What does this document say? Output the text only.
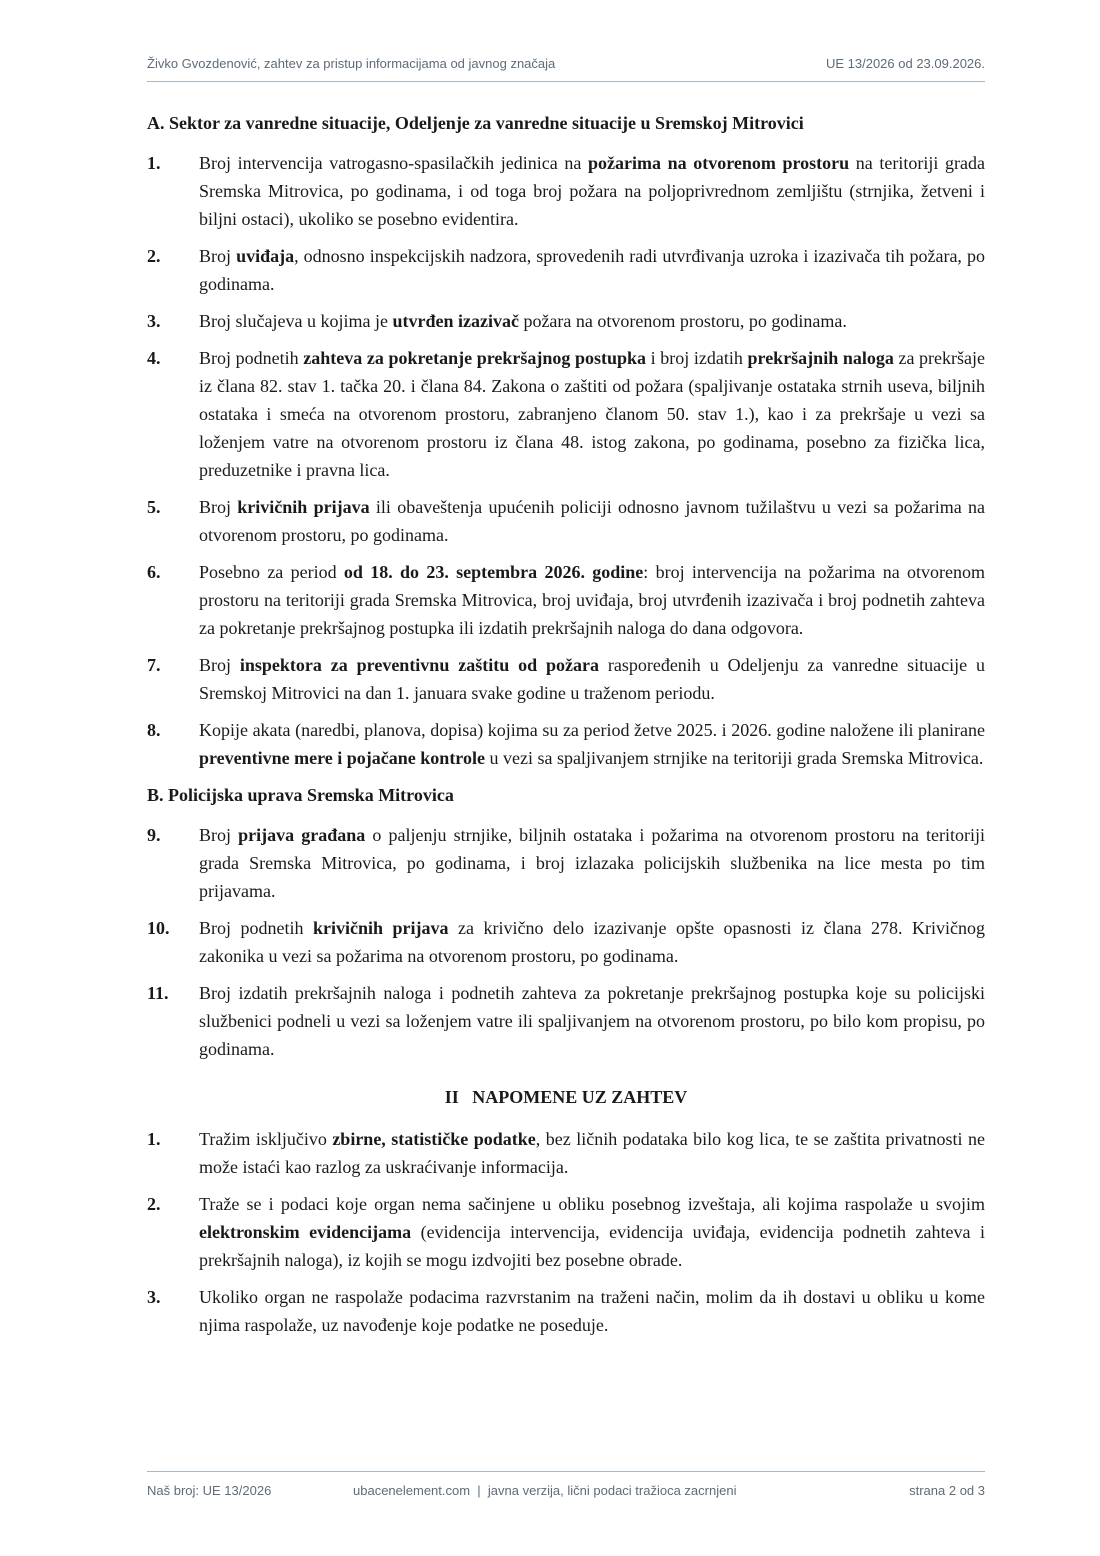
Živko Gvozdenović, zahtev za pristup informacijama od javnog značaja	UE 13/2026 od 23.09.2026.
A. Sektor za vanredne situacije, Odeljenje za vanredne situacije u Sremskoj Mitrovici
1.	Broj intervencija vatrogasno-spasilačkih jedinica na požarima na otvorenom prostoru na teritoriji grada Sremska Mitrovica, po godinama, i od toga broj požara na poljoprivrednom zemljištu (strnjika, žetveni i biljni ostaci), ukoliko se posebno evidentira.
2.	Broj uviđaja, odnosno inspekcijskih nadzora, sprovedenih radi utvrđivanja uzroka i izazivača tih požara, po godinama.
3.	Broj slučajeva u kojima je utvrđen izazivač požara na otvorenom prostoru, po godinama.
4.	Broj podnetih zahteva za pokretanje prekršajnog postupka i broj izdatih prekršajnih naloga za prekršaje iz člana 82. stav 1. tačka 20. i člana 84. Zakona o zaštiti od požara (spaljivanje ostataka strnih useva, biljnih ostataka i smeća na otvorenom prostoru, zabranjeno članom 50. stav 1.), kao i za prekršaje u vezi sa loženjem vatre na otvorenom prostoru iz člana 48. istog zakona, po godinama, posebno za fizička lica, preduzetnike i pravna lica.
5.	Broj krivičnih prijava ili obaveštenja upućenih policiji odnosno javnom tužilaštvu u vezi sa požarima na otvorenom prostoru, po godinama.
6.	Posebno za period od 18. do 23. septembra 2026. godine: broj intervencija na požarima na otvorenom prostoru na teritoriji grada Sremska Mitrovica, broj uviđaja, broj utvrđenih izazivača i broj podnetih zahteva za pokretanje prekršajnog postupka ili izdatih prekršajnih naloga do dana odgovora.
7.	Broj inspektora za preventivnu zaštitu od požara raspoređenih u Odeljenju za vanredne situacije u Sremskoj Mitrovici na dan 1. januara svake godine u traženom periodu.
8.	Kopije akata (naredbi, planova, dopisa) kojima su za period žetve 2025. i 2026. godine naložene ili planirane preventivne mere i pojačane kontrole u vezi sa spaljivanjem strnjike na teritoriji grada Sremska Mitrovica.
B. Policijska uprava Sremska Mitrovica
9.	Broj prijava građana o paljenju strnjike, biljnih ostataka i požarima na otvorenom prostoru na teritoriji grada Sremska Mitrovica, po godinama, i broj izlazaka policijskih službenika na lice mesta po tim prijavama.
10.	Broj podnetih krivičnih prijava za krivično delo izazivanje opšte opasnosti iz člana 278. Krivičnog zakonika u vezi sa požarima na otvorenom prostoru, po godinama.
11.	Broj izdatih prekršajnih naloga i podnetih zahteva za pokretanje prekršajnog postupka koje su policijski službenici podneli u vezi sa loženjem vatre ili spaljivanjem na otvorenom prostoru, po bilo kom propisu, po godinama.
II   NAPOMENE UZ ZAHTEV
1.	Tražim isključivo zbirne, statističke podatke, bez ličnih podataka bilo kog lica, te se zaštita privatnosti ne može istaći kao razlog za uskraćivanje informacija.
2.	Traže se i podaci koje organ nema sačinjene u obliku posebnog izveštaja, ali kojima raspolaže u svojim elektronskim evidencijama (evidencija intervencija, evidencija uviđaja, evidencija podnetih zahteva i prekršajnih naloga), iz kojih se mogu izdvojiti bez posebne obrade.
3.	Ukoliko organ ne raspolaže podacima razvrstanim na traženi način, molim da ih dostavi u obliku u kome njima raspolaže, uz navođenje koje podatke ne poseduje.
Naš broj: UE 13/2026	ubacenelement.com  |  javna verzija, lični podaci tražioca zacrnjeni	strana 2 od 3
